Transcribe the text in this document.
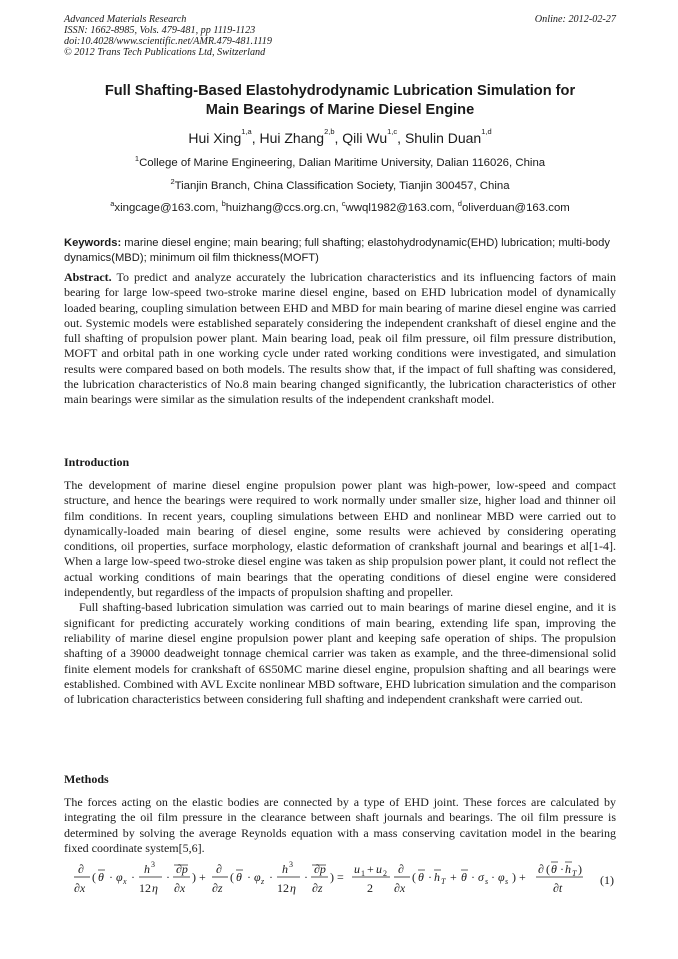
Advanced Materials Research
ISSN: 1662-8985, Vols. 479-481, pp 1119-1123
doi:10.4028/www.scientific.net/AMR.479-481.1119
© 2012 Trans Tech Publications Ltd, Switzerland
Online: 2012-02-27
Full Shafting-Based Elastohydrodynamic Lubrication Simulation for
Main Bearings of Marine Diesel Engine
Hui Xing$^{1,a}$, Hui Zhang$^{2,b}$, Qili Wu$^{1,c}$, Shulin Duan$^{1,d}$
$^1$College of Marine Engineering, Dalian Maritime University, Dalian 116026, China
$^2$Tianjin Branch, China Classification Society, Tianjin 300457, China
$^a$xingcage@163.com, $^b$huizhang@ccs.org.cn, $^c$wwql1982@163.com, $^d$oliverduan@163.com
Keywords: marine diesel engine; main bearing; full shafting; elastohydrodynamic(EHD) lubrication; multi-body dynamics(MBD); minimum oil film thickness(MOFT)
Abstract. To predict and analyze accurately the lubrication characteristics and its influencing factors of main bearing for large low-speed two-stroke marine diesel engine, based on EHD lubrication model of dynamically loaded bearing, coupling simulation between EHD and MBD for main bearing of marine diesel engine was carried out. Systemic models were established separately considering the independent crankshaft of diesel engine and the full shafting of propulsion power plant. Main bearing load, peak oil film pressure, oil film pressure distribution, MOFT and orbital path in one working cycle under rated working conditions were investigated, and simulation results were compared based on both models. The results show that, if the impact of full shafting was considered, the lubrication characteristics of No.8 main bearing changed significantly, the lubrication characteristics of other main bearings were similar as the simulation results of the independent crankshaft model.
Introduction
The development of marine diesel engine propulsion power plant was high-power, low-speed and compact structure, and hence the bearings were required to work normally under smaller size, higher load and thinner oil film conditions. In recent years, coupling simulations between EHD and nonlinear MBD were carried out to dynamically-loaded main bearing of diesel engine, some results were achieved by considering operating conditions, oil properties, surface morphology, elastic deformation of crankshaft journal and bearings et al[1-4]. When a large low-speed two-stroke diesel engine was taken as ship propulsion power plant, it could not reflect the actual working conditions of main bearings that the operating conditions of diesel engine were considered independently, but regardless of the impacts of propulsion shafting and propeller.
Full shafting-based lubrication simulation was carried out to main bearings of marine diesel engine, and it is significant for predicting accurately working conditions of main bearing, extending life span, improving the reliability of marine diesel engine propulsion power plant and keeping safe operation of ships. The propulsion shafting of a 39000 deadweight tonnage chemical carrier was taken as example, and the three-dimensional solid finite element models for crankshaft of 6S50MC marine diesel engine, propulsion shafting and all bearings were established. Combined with AVL Excite nonlinear MBD software, EHD lubrication simulation and the comparison of lubrication characteristics between considering full shafting and independent crankshaft were carried out.
Methods
The forces acting on the elastic bodies are connected by a type of EHD joint. These forces are calculated by integrating the oil film pressure in the clearance between shaft journals and bearings. The oil film pressure is determined by solving the average Reynolds equation with a mass conserving cavitation model in the bearing fixed coordinate system[5,6].
∂
∂x
( θ · φ x ·
h 3
12 η
·
∂p
∂x
) +
∂
∂z
( θ · φ z ·
h 3
12 η
·
∂p
∂z
) =
u 1 + u 2
2
∂
∂x
( θ · h T + θ · σ s · φ s ) +
∂ ( θ · h T )
∂t
(1)
